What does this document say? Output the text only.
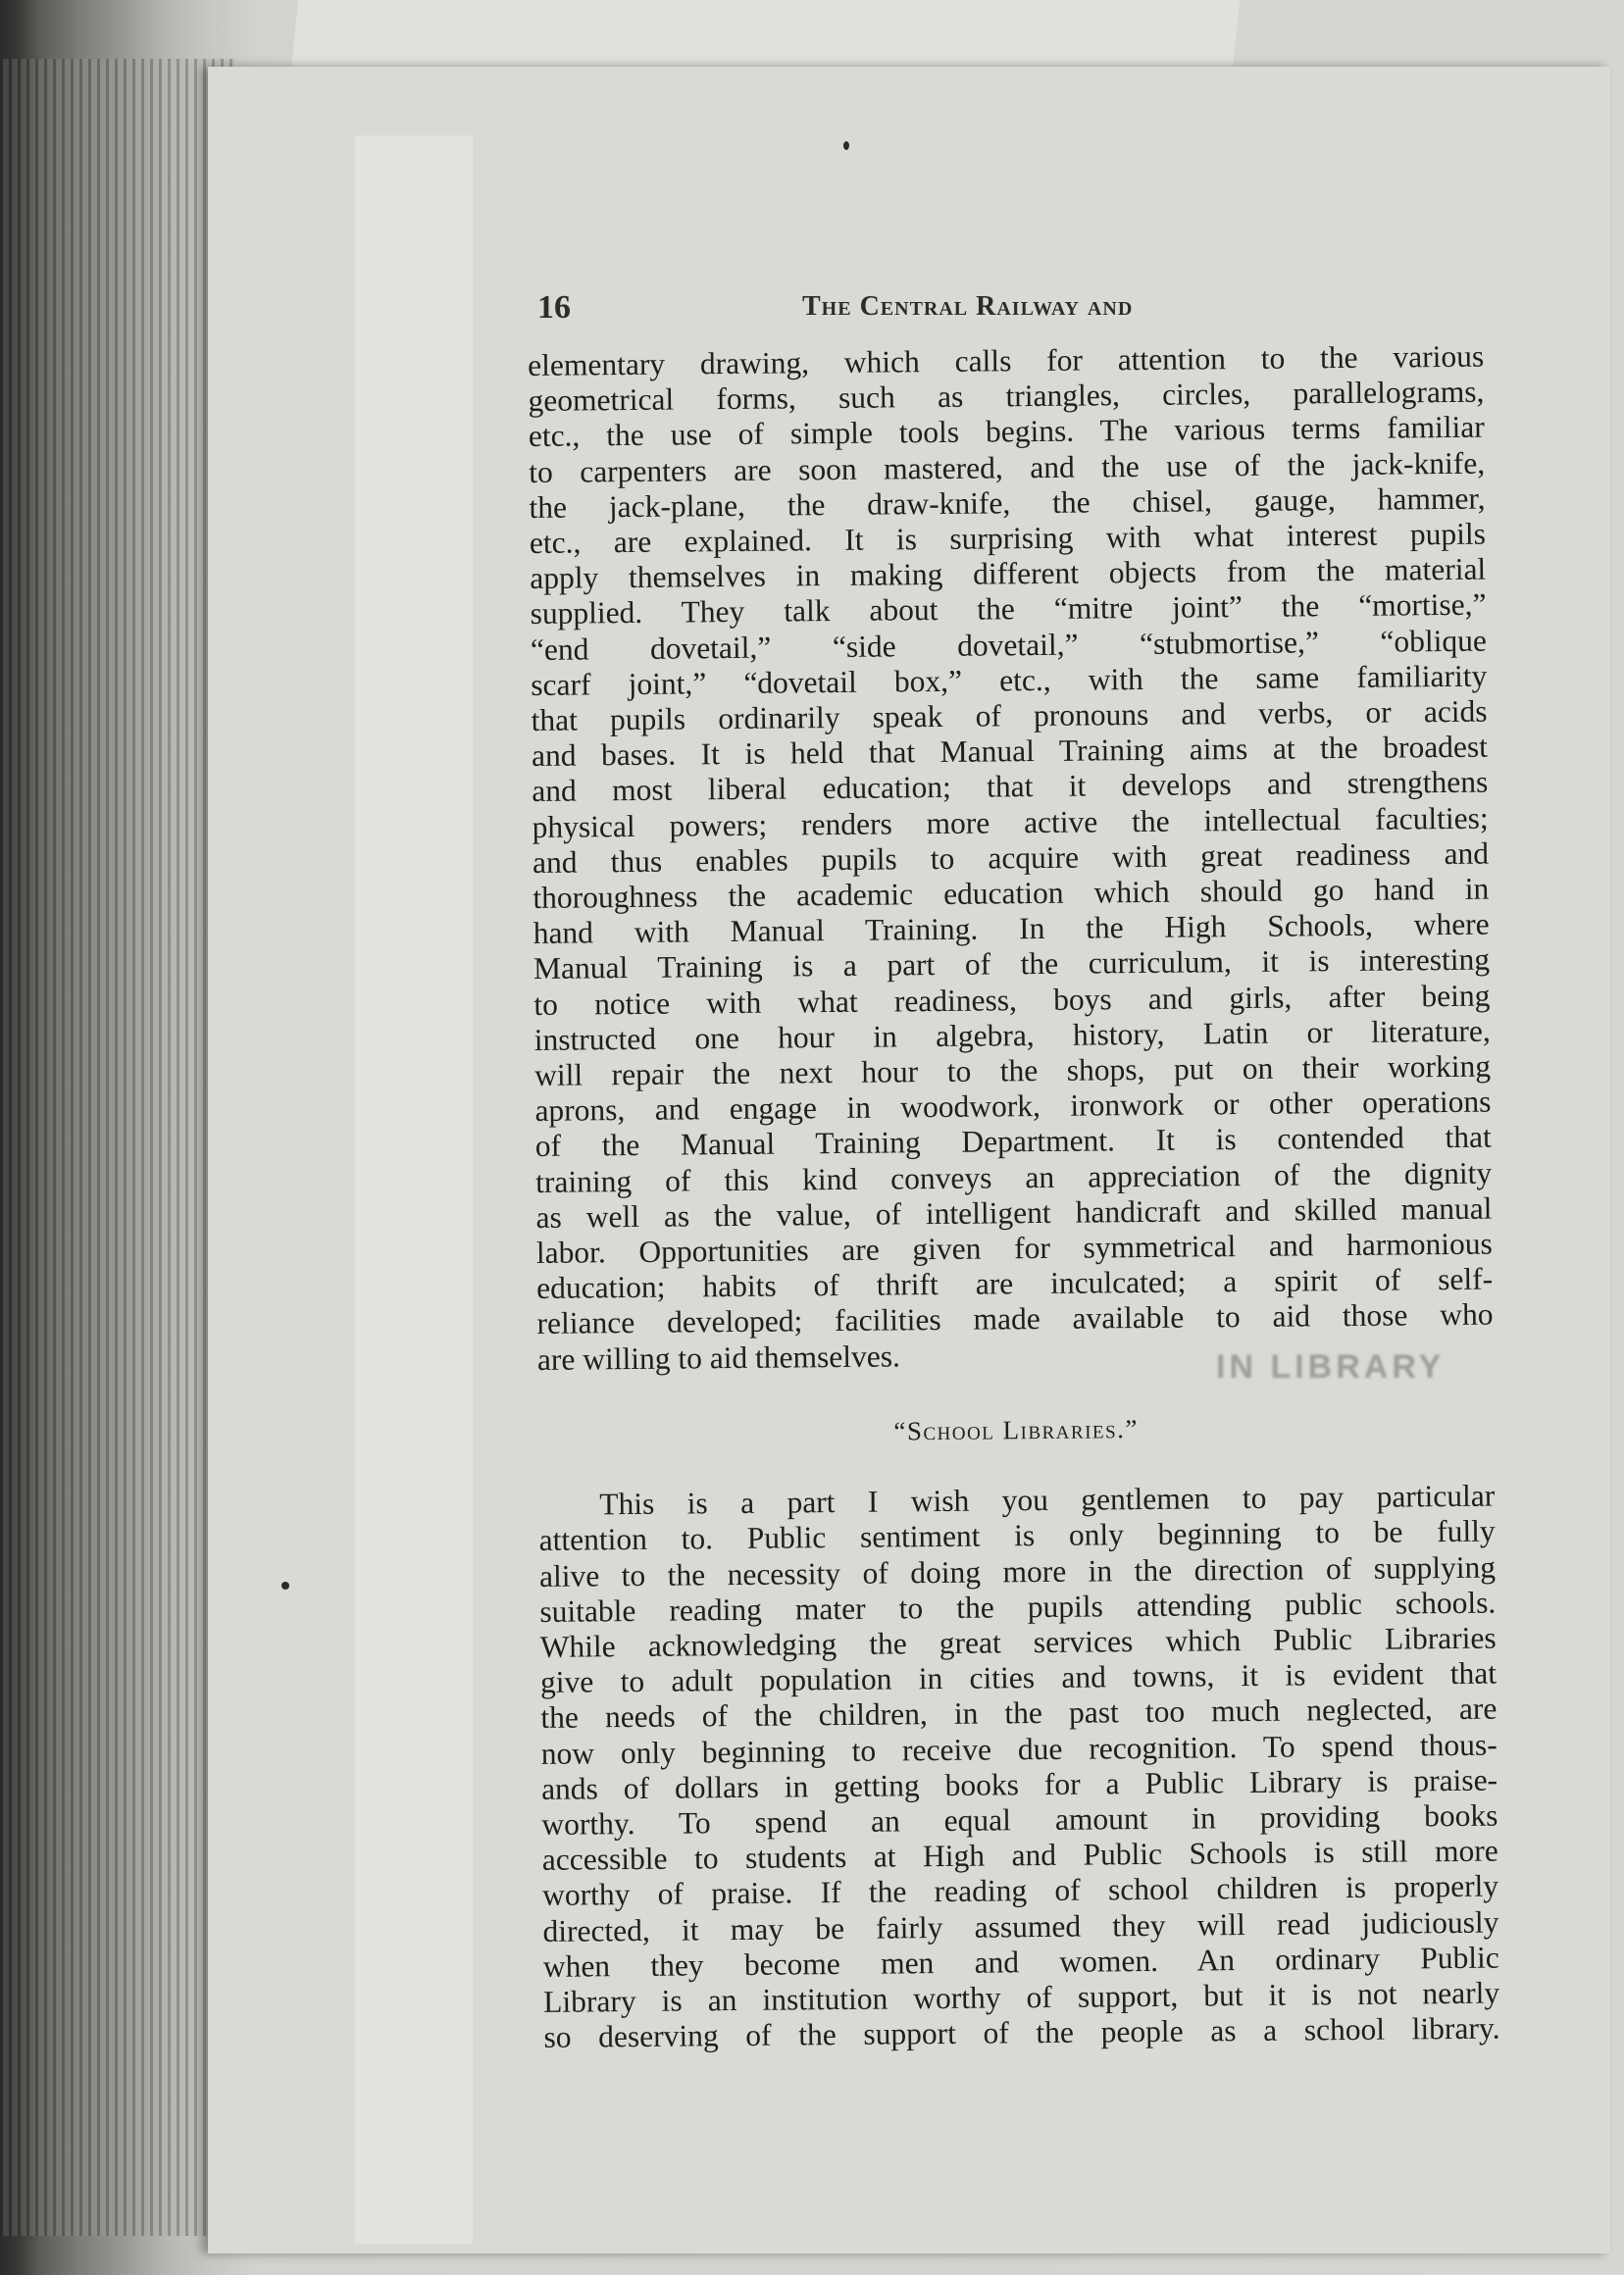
16	The Central Railway and
elementary drawing, which calls for attention to the various
geometrical forms, such as triangles, circles, parallelograms,
etc., the use of simple tools begins. The various terms familiar
to carpenters are soon mastered, and the use of the jack-knife,
the jack-plane, the draw-knife, the chisel, gauge, hammer,
etc., are explained. It is surprising with what interest pupils
apply themselves in making different objects from the material
supplied. They talk about the “mitre joint” the “mortise,”
“end dovetail,” “side dovetail,” “stubmortise,” “oblique
scarf joint,” “dovetail box,” etc., with the same familiarity
that pupils ordinarily speak of pronouns and verbs, or acids
and bases. It is held that Manual Training aims at the broadest
and most liberal education; that it develops and strengthens
physical powers; renders more active the intellectual faculties;
and thus enables pupils to acquire with great readiness and
thoroughness the academic education which should go hand in
hand with Manual Training. In the High Schools, where
Manual Training is a part of the curriculum, it is interesting
to notice with what readiness, boys and girls, after being
instructed one hour in algebra, history, Latin or literature,
will repair the next hour to the shops, put on their working
aprons, and engage in woodwork, ironwork or other operations
of the Manual Training Department. It is contended that
training of this kind conveys an appreciation of the dignity
as well as the value, of intelligent handicraft and skilled manual
labor. Opportunities are given for symmetrical and harmonious
education; habits of thrift are inculcated; a spirit of self-
reliance developed; facilities made available to aid those who
are willing to aid themselves.
“School Libraries.”
This is a part I wish you gentlemen to pay particular
attention to. Public sentiment is only beginning to be fully
alive to the necessity of doing more in the direction of supplying
suitable reading mater to the pupils attending public schools.
While acknowledging the great services which Public Libraries
give to adult population in cities and towns, it is evident that
the needs of the children, in the past too much neglected, are
now only beginning to receive due recognition. To spend thous-
ands of dollars in getting books for a Public Library is praise-
worthy. To spend an equal amount in providing books
accessible to students at High and Public Schools is still more
worthy of praise. If the reading of school children is properly
directed, it may be fairly assumed they will read judiciously
when they become men and women. An ordinary Public
Library is an institution worthy of support, but it is not nearly
so deserving of the support of the people as a school library.
IN LIBRARY
